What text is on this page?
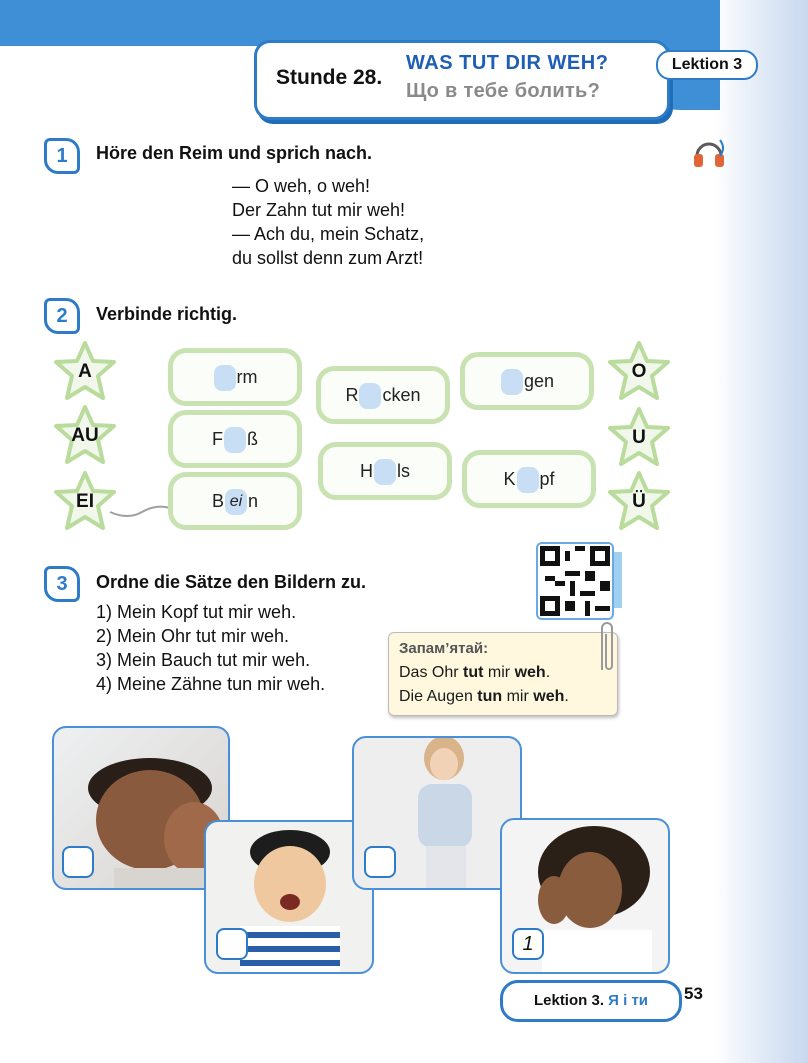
Stunde 28.
WAS TUT DIR WEH?
Що в тебе болить?
Lektion 3
1	Höre den Reim und sprich nach.
— O weh, o weh!
Der Zahn tut mir weh!
— Ach du, mein Schatz,
du sollst denn zum Arzt!
2	Verbinde richtig.
A
AU
EI
O
U
Ü
rm
F ß
B ei n
R cken
H ls
gen
K pf
3	Ordne die Sätze den Bildern zu.
1) Mein Kopf tut mir weh.
2) Mein Ohr tut mir weh.
3) Mein Bauch tut mir weh.
4) Meine Zähne tun mir weh.
Запам’ятай:
Das Ohr tut mir weh.
Die Augen tun mir weh.
1
Lektion 3. Я і ти	53
